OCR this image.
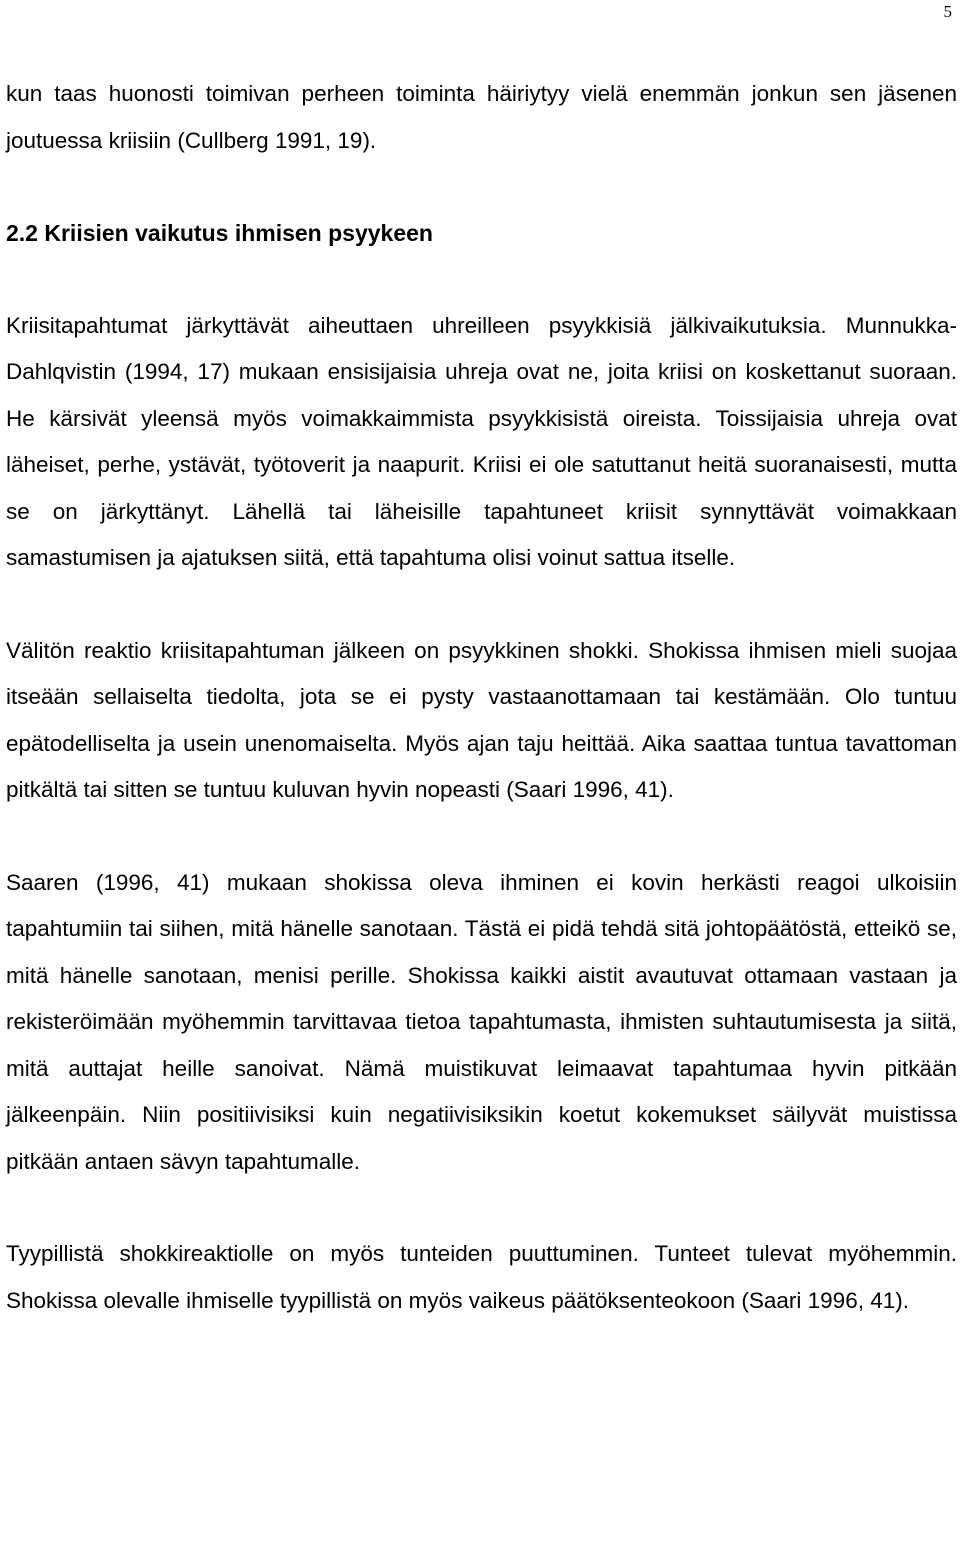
5

kun taas huonosti toimivan perheen toiminta häiriytyy vielä enemmän jonkun sen jäsenen joutuessa kriisiin (Cullberg 1991, 19).

2.2 Kriisien vaikutus ihmisen psyykeen

Kriisitapahtumat järkyttävät aiheuttaen uhreilleen psyykkisiä jälkivaikutuksia. Munnukka-Dahlqvistin (1994, 17) mukaan ensisijaisia uhreja ovat ne, joita kriisi on koskettanut suoraan. He kärsivät yleensä myös voimakkaimmista psyykkisistä oireista. Toissijaisia uhreja ovat läheiset, perhe, ystävät, työtoverit ja naapurit. Kriisi ei ole satuttanut heitä suoranaisesti, mutta se on järkyttänyt. Lähellä tai läheisille tapahtuneet kriisit synnyttävät voimakkaan samastumisen ja ajatuksen siitä, että tapahtuma olisi voinut sattua itselle.

Välitön reaktio kriisitapahtuman jälkeen on psyykkinen shokki. Shokissa ihmisen mieli suojaa itseään sellaiselta tiedolta, jota se ei pysty vastaanottamaan tai kestämään. Olo tuntuu epätodelliselta ja usein unenomaiselta. Myös ajan taju heittää. Aika saattaa tuntua tavattoman pitkältä tai sitten se tuntuu kuluvan hyvin nopeasti (Saari 1996, 41).

Saaren (1996, 41) mukaan shokissa oleva ihminen ei kovin herkästi reagoi ulkoisiin tapahtumiin tai siihen, mitä hänelle sanotaan. Tästä ei pidä tehdä sitä johtopäätöstä, etteikö se, mitä hänelle sanotaan, menisi perille. Shokissa kaikki aistit avautuvat ottamaan vastaan ja rekisteröimään myöhemmin tarvittavaa tietoa tapahtumasta, ihmisten suhtautumisesta ja siitä, mitä auttajat heille sanoivat. Nämä muistikuvat leimaavat tapahtumaa hyvin pitkään jälkeenpäin. Niin positiivisiksi kuin negatiivisiksikin koetut kokemukset säilyvät muistissa pitkään antaen sävyn tapahtumalle.

Tyypillistä shokkireaktiolle on myös tunteiden puuttuminen. Tunteet tulevat myöhemmin. Shokissa olevalle ihmiselle tyypillistä on myös vaikeus päätöksenteokoon (Saari 1996, 41).
